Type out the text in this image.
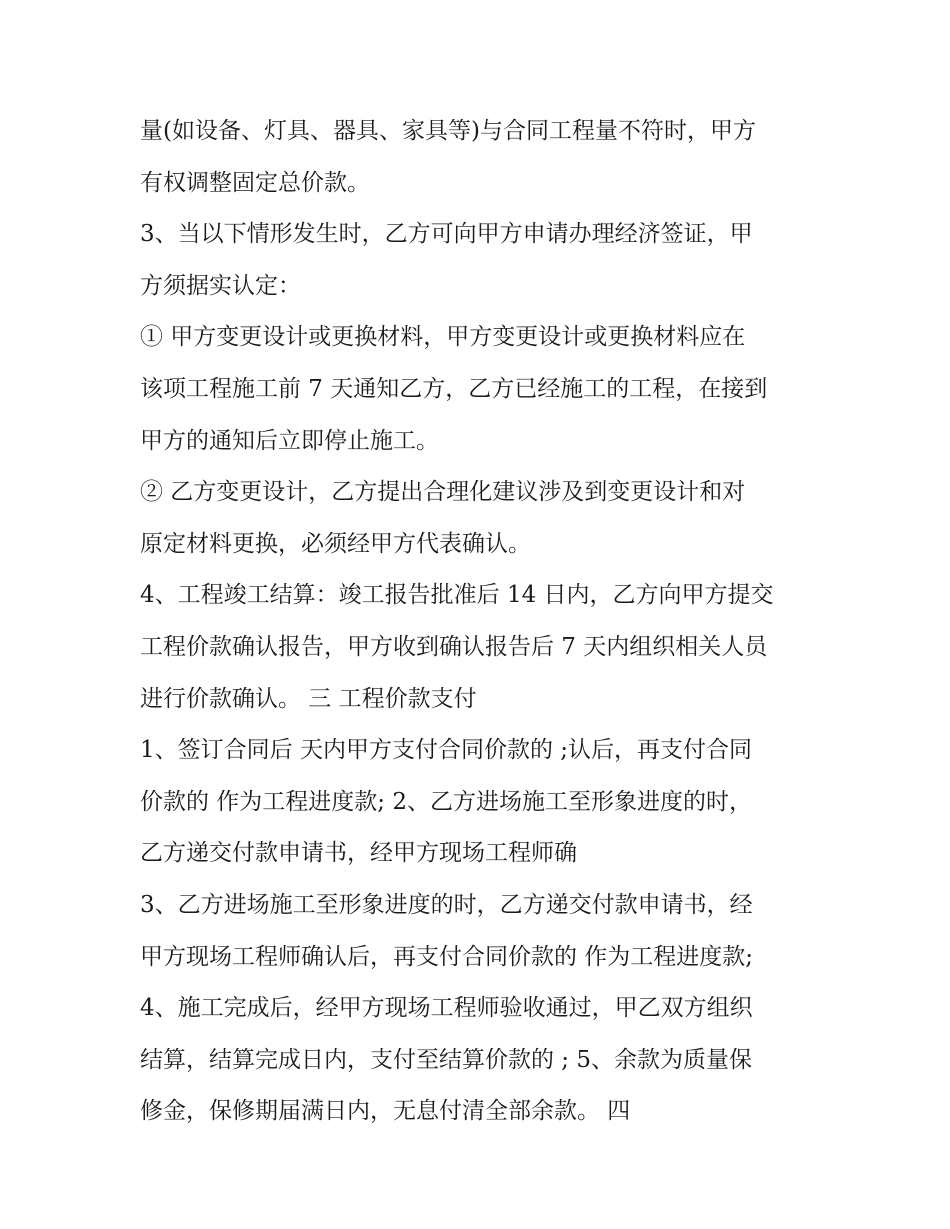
量(如设备、灯具、器具、家具等)与合同工程量不符时，甲方
有权调整固定总价款。
3、当以下情形发生时，乙方可向甲方申请办理经济签证，甲
方须据实认定：
① 甲方变更设计或更换材料，甲方变更设计或更换材料应在
该项工程施工前 7 天通知乙方，乙方已经施工的工程，在接到
甲方的通知后立即停止施工。
② 乙方变更设计，乙方提出合理化建议涉及到变更设计和对
原定材料更换，必须经甲方代表确认。
4、工程竣工结算：竣工报告批准后 14 日内，乙方向甲方提交
工程价款确认报告，甲方收到确认报告后 7 天内组织相关人员
进行价款确认。 三 工程价款支付
1、签订合同后 天内甲方支付合同价款的 ;认后，再支付合同
价款的 作为工程进度款; 2、乙方进场施工至形象进度的时，
乙方递交付款申请书，经甲方现场工程师确
3、乙方进场施工至形象进度的时，乙方递交付款申请书，经
甲方现场工程师确认后，再支付合同价款的 作为工程进度款;
4、施工完成后，经甲方现场工程师验收通过，甲乙双方组织
结算，结算完成日内，支付至结算价款的 ; 5、余款为质量保
修金，保修期届满日内，无息付清全部余款。 四
